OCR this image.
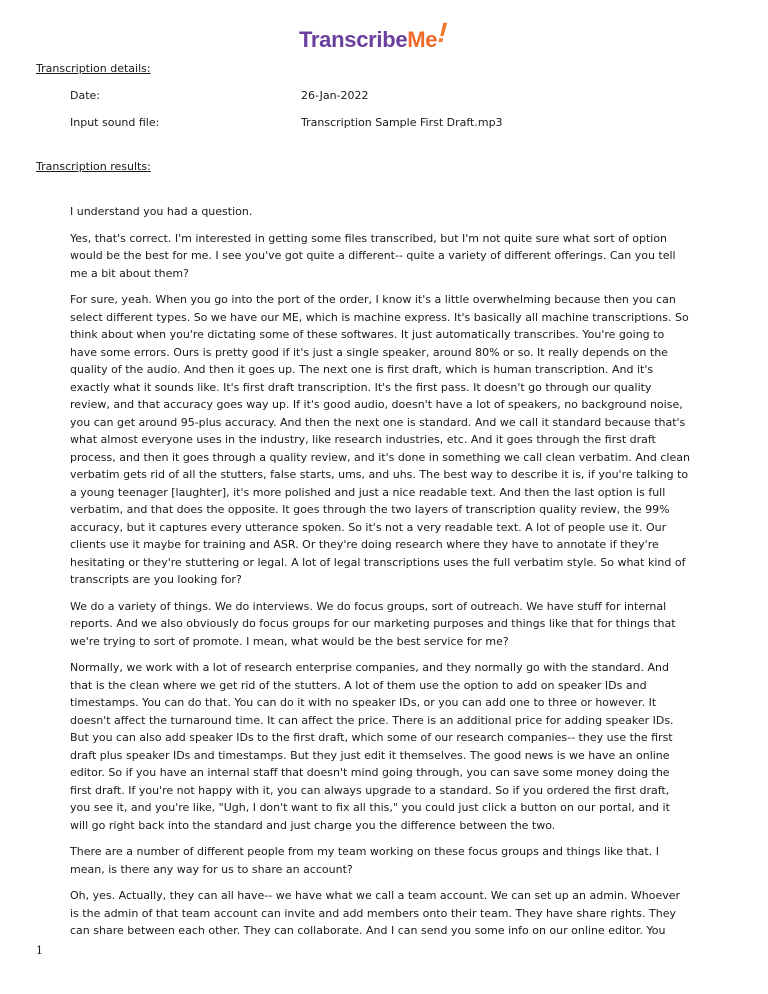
TranscribeMe!
Transcription details:
Date:	26-Jan-2022
Input sound file:	Transcription Sample First Draft.mp3
Transcription results:

I understand you had a question.

Yes, that's correct. I'm interested in getting some files transcribed, but I'm not quite sure what sort of option would be the best for me. I see you've got quite a different-- quite a variety of different offerings. Can you tell me a bit about them?

For sure, yeah. When you go into the port of the order, I know it's a little overwhelming because then you can select different types. So we have our ME, which is machine express. It's basically all machine transcriptions. So think about when you're dictating some of these softwares. It just automatically transcribes. You're going to have some errors. Ours is pretty good if it's just a single speaker, around 80% or so. It really depends on the quality of the audio. And then it goes up. The next one is first draft, which is human transcription. And it's exactly what it sounds like. It's first draft transcription. It's the first pass. It doesn't go through our quality review, and that accuracy goes way up. If it's good audio, doesn't have a lot of speakers, no background noise, you can get around 95-plus accuracy. And then the next one is standard. And we call it standard because that's what almost everyone uses in the industry, like research industries, etc. And it goes through the first draft process, and then it goes through a quality review, and it's done in something we call clean verbatim. And clean verbatim gets rid of all the stutters, false starts, ums, and uhs. The best way to describe it is, if you're talking to a young teenager [laughter], it's more polished and just a nice readable text. And then the last option is full verbatim, and that does the opposite. It goes through the two layers of transcription quality review, the 99% accuracy, but it captures every utterance spoken. So it's not a very readable text. A lot of people use it. Our clients use it maybe for training and ASR. Or they're doing research where they have to annotate if they're hesitating or they're stuttering or legal. A lot of legal transcriptions uses the full verbatim style. So what kind of transcripts are you looking for?

We do a variety of things. We do interviews. We do focus groups, sort of outreach. We have stuff for internal reports. And we also obviously do focus groups for our marketing purposes and things like that for things that we're trying to sort of promote. I mean, what would be the best service for me?

Normally, we work with a lot of research enterprise companies, and they normally go with the standard. And that is the clean where we get rid of the stutters. A lot of them use the option to add on speaker IDs and timestamps. You can do that. You can do it with no speaker IDs, or you can add one to three or however. It doesn't affect the turnaround time. It can affect the price. There is an additional price for adding speaker IDs. But you can also add speaker IDs to the first draft, which some of our research companies-- they use the first draft plus speaker IDs and timestamps. But they just edit it themselves. The good news is we have an online editor. So if you have an internal staff that doesn't mind going through, you can save some money doing the first draft. If you're not happy with it, you can always upgrade to a standard. So if you ordered the first draft, you see it, and you're like, "Ugh, I don't want to fix all this," you could just click a button on our portal, and it will go right back into the standard and just charge you the difference between the two.

There are a number of different people from my team working on these focus groups and things like that. I mean, is there any way for us to share an account?

Oh, yes. Actually, they can all have-- we have what we call a team account. We can set up an admin. Whoever is the admin of that team account can invite and add members onto their team. They have share rights. They can share between each other. They can collaborate. And I can send you some info on our online editor. You

1
